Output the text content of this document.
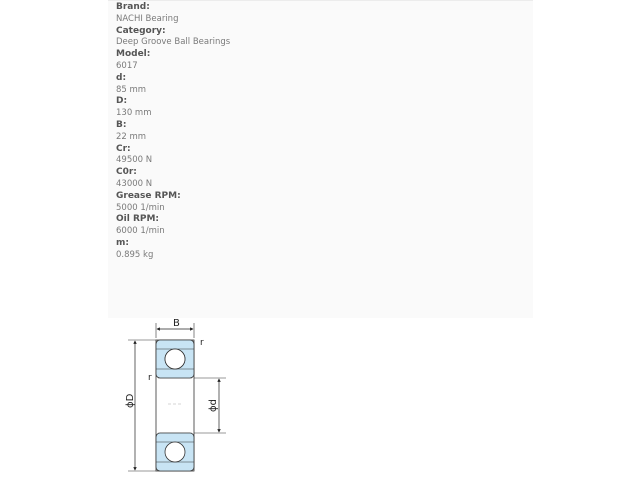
Brand:
NACHI Bearing
Category:
Deep Groove Ball Bearings
Model:
6017
d:
85 mm
D:
130 mm
B:
22 mm
Cr:
49500 N
C0r:
43000 N
Grease RPM:
5000 1/min
Oil RPM:
6000 1/min
m:
0.895 kg
B
ϕD	ϕd
r
r
